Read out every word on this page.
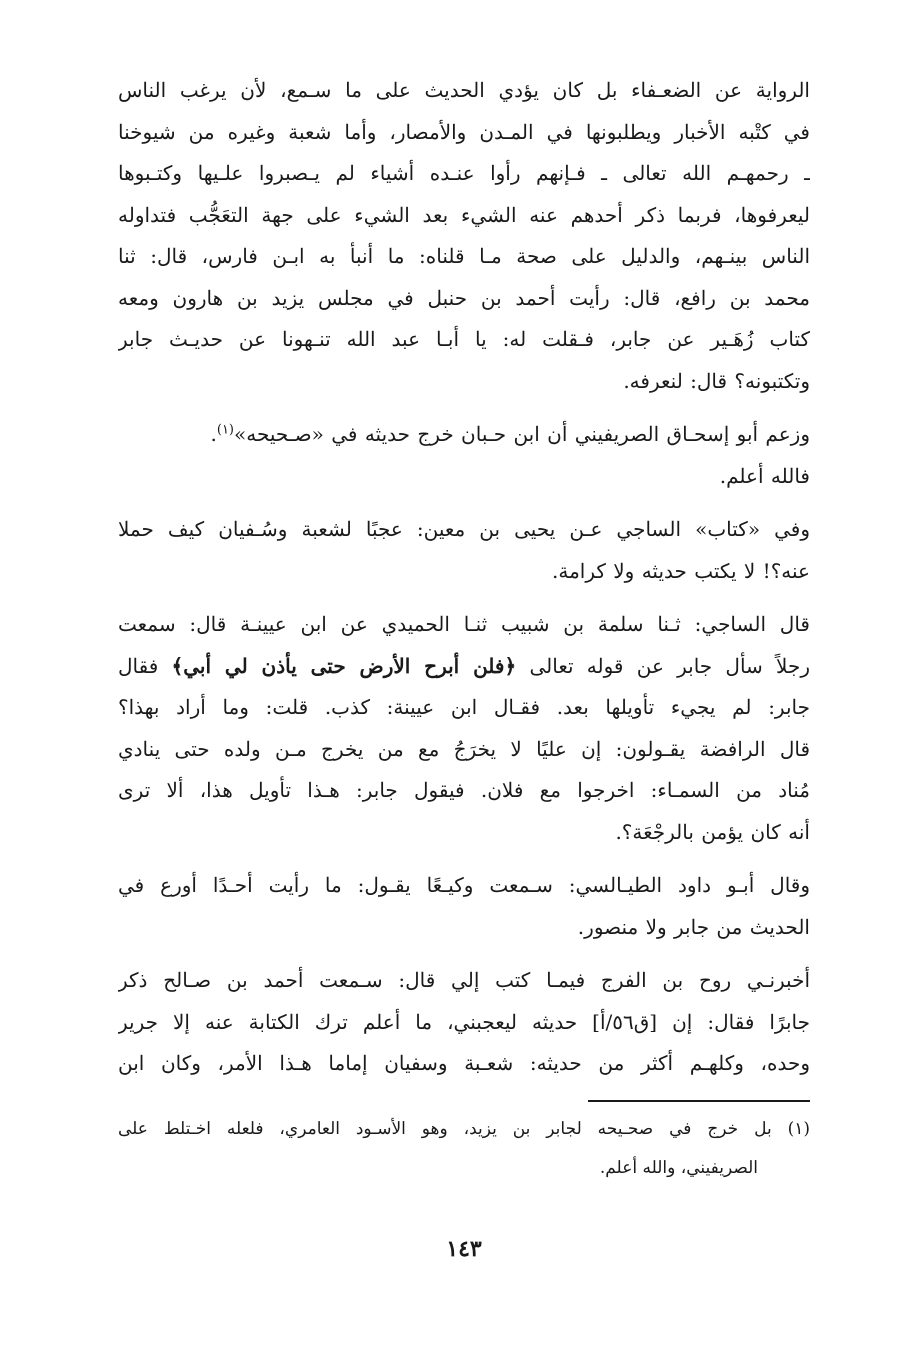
الرواية عن الضعـفاء بل كان يؤدي الحديث على ما سـمع، لأن يرغب الناس
في كتْبه الأخبار ويطلبونها في المـدن والأمصار، وأما شعبة وغيره من شيوخنا
ـ رحمهـم الله تعالى ـ فـإنهم رأوا عنـده أشياء لم يـصبروا علـيها وكتـبوها
ليعرفوها، فربما ذكر أحدهم عنه الشيء بعد الشيء على جهة التعَجُّب فتداوله
الناس بينـهم، والدليل على صحة مـا قلناه: ما أنبأ به ابـن فارس، قال: ثنا
محمد بن رافع، قال: رأيت أحمد بن حنبل في مجلس يزيد بن هارون ومعه
كتاب زُهَـير عن جابر، فـقلت له: يا أبـا عبد الله تنـهونا عن حديـث جابر
وتكتبونه؟ قال: لنعرفه.

وزعم أبو إسحـاق الصريفيني أن ابن حـبان خرج حديثه في «صـحيحه»$^{(١)}$.
فالله أعلم.

وفي «كتاب» الساجي عـن يحيى بن معين: عجبًا لشعبة وسُـفيان كيف حملا
عنه؟! لا يكتب حديثه ولا كرامة.

قال الساجي: ثـنا سلمة بن شبيب ثنـا الحميدي عن ابن عيينـة قال: سمعت
رجلاً سأل جابر عن قوله تعالى ﴿فلن أبرح الأرض حتى يأذن لي أبي﴾ فقال
جابر: لم يجيء تأويلها بعد. فقـال ابن عيينة: كذب. قلت: وما أراد بهذا؟
قال الرافضة يقـولون: إن عليًا لا يخرَجُ مع من يخرج مـن ولده حتى ينادي
مُناد من السمـاء: اخرجوا مع فلان. فيقول جابر: هـذا تأويل هذا، ألا ترى
أنه كان يؤمن بالرجْعَة؟.

وقال أبـو داود الطيـالسي: سـمعت وكيـعًا يقـول: ما رأيت أحـدًا أورع في
الحديث من جابر ولا منصور.

أخبرنـي روح بن الفرج فيمـا كتب إلي قال: سـمعت أحمد بن صـالح ذكر
جابرًا فقال: إن [ق٥٦/أ] حديثه ليعجبني، ما أعلم ترك الكتابة عنه إلا جرير
وحده، وكلهـم أكثر من حديثه: شعـبة وسفيان إماما هـذا الأمر، وكان ابن

(١) بل خرج في صحـيحه لجابر بن يزيد، وهو الأسـود العامري، فلعله اخـتلط على
الصريفيني، والله أعلم.
١٤٣
